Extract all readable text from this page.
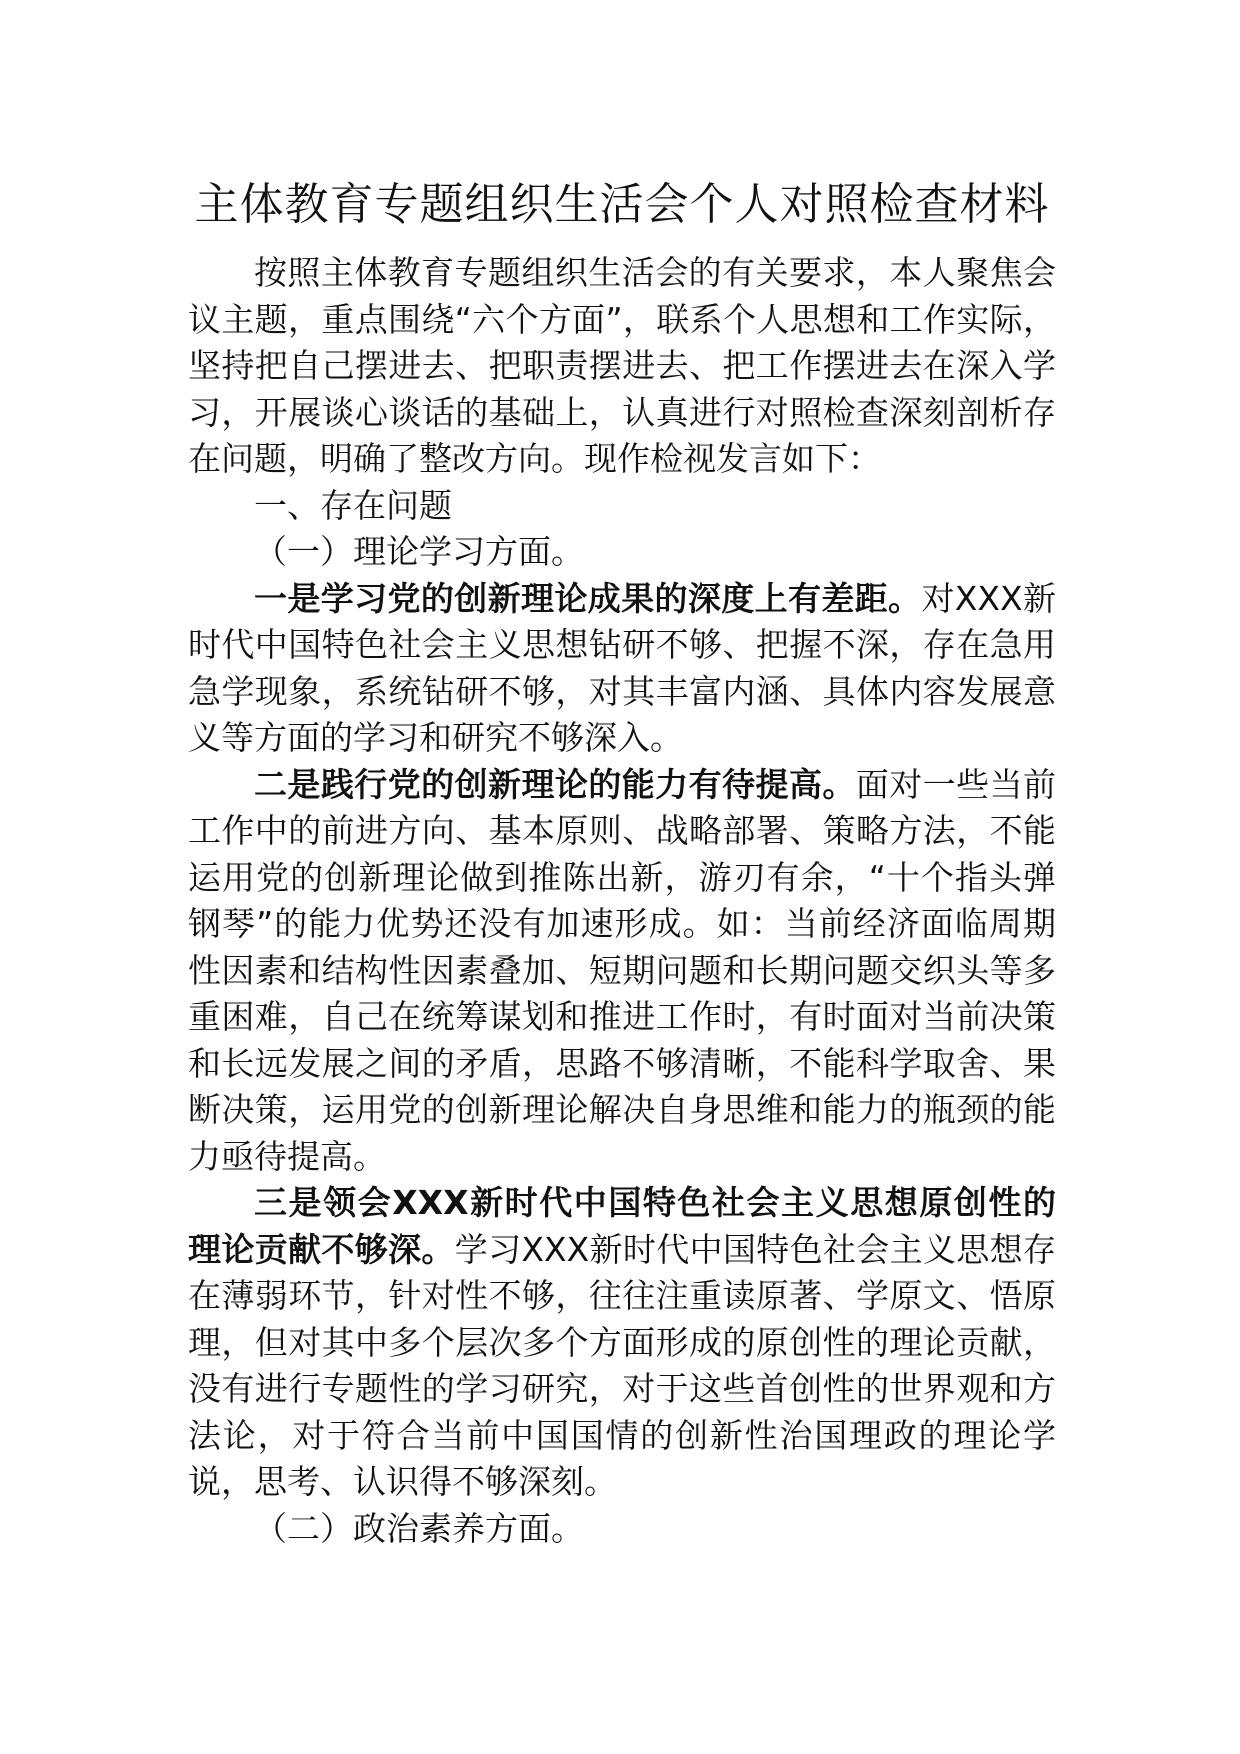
主体教育专题组织生活会个人对照检查材料

按照主体教育专题组织生活会的有关要求，本人聚焦会议主题，重点围绕“六个方面”，联系个人思想和工作实际，坚持把自己摆进去、把职责摆进去、把工作摆进去在深入学习，开展谈心谈话的基础上，认真进行对照检查深刻剖析存在问题，明确了整改方向。现作检视发言如下：

一、存在问题

（一）理论学习方面。

一是学习党的创新理论成果的深度上有差距。对XXX新时代中国特色社会主义思想钻研不够、把握不深，存在急用急学现象，系统钻研不够，对其丰富内涵、具体内容发展意义等方面的学习和研究不够深入。

二是践行党的创新理论的能力有待提高。面对一些当前工作中的前进方向、基本原则、战略部署、策略方法，不能运用党的创新理论做到推陈出新，游刃有余，“十个指头弹钢琴”的能力优势还没有加速形成。如：当前经济面临周期性因素和结构性因素叠加、短期问题和长期问题交织头等多重困难，自己在统筹谋划和推进工作时，有时面对当前决策和长远发展之间的矛盾，思路不够清晰，不能科学取舍、果断决策，运用党的创新理论解决自身思维和能力的瓶颈的能力亟待提高。

三是领会XXX新时代中国特色社会主义思想原创性的理论贡献不够深。学习XXX新时代中国特色社会主义思想存在薄弱环节，针对性不够，往往注重读原著、学原文、悟原理，但对其中多个层次多个方面形成的原创性的理论贡献，没有进行专题性的学习研究，对于这些首创性的世界观和方法论，对于符合当前中国国情的创新性治国理政的理论学说，思考、认识得不够深刻。

（二）政治素养方面。
